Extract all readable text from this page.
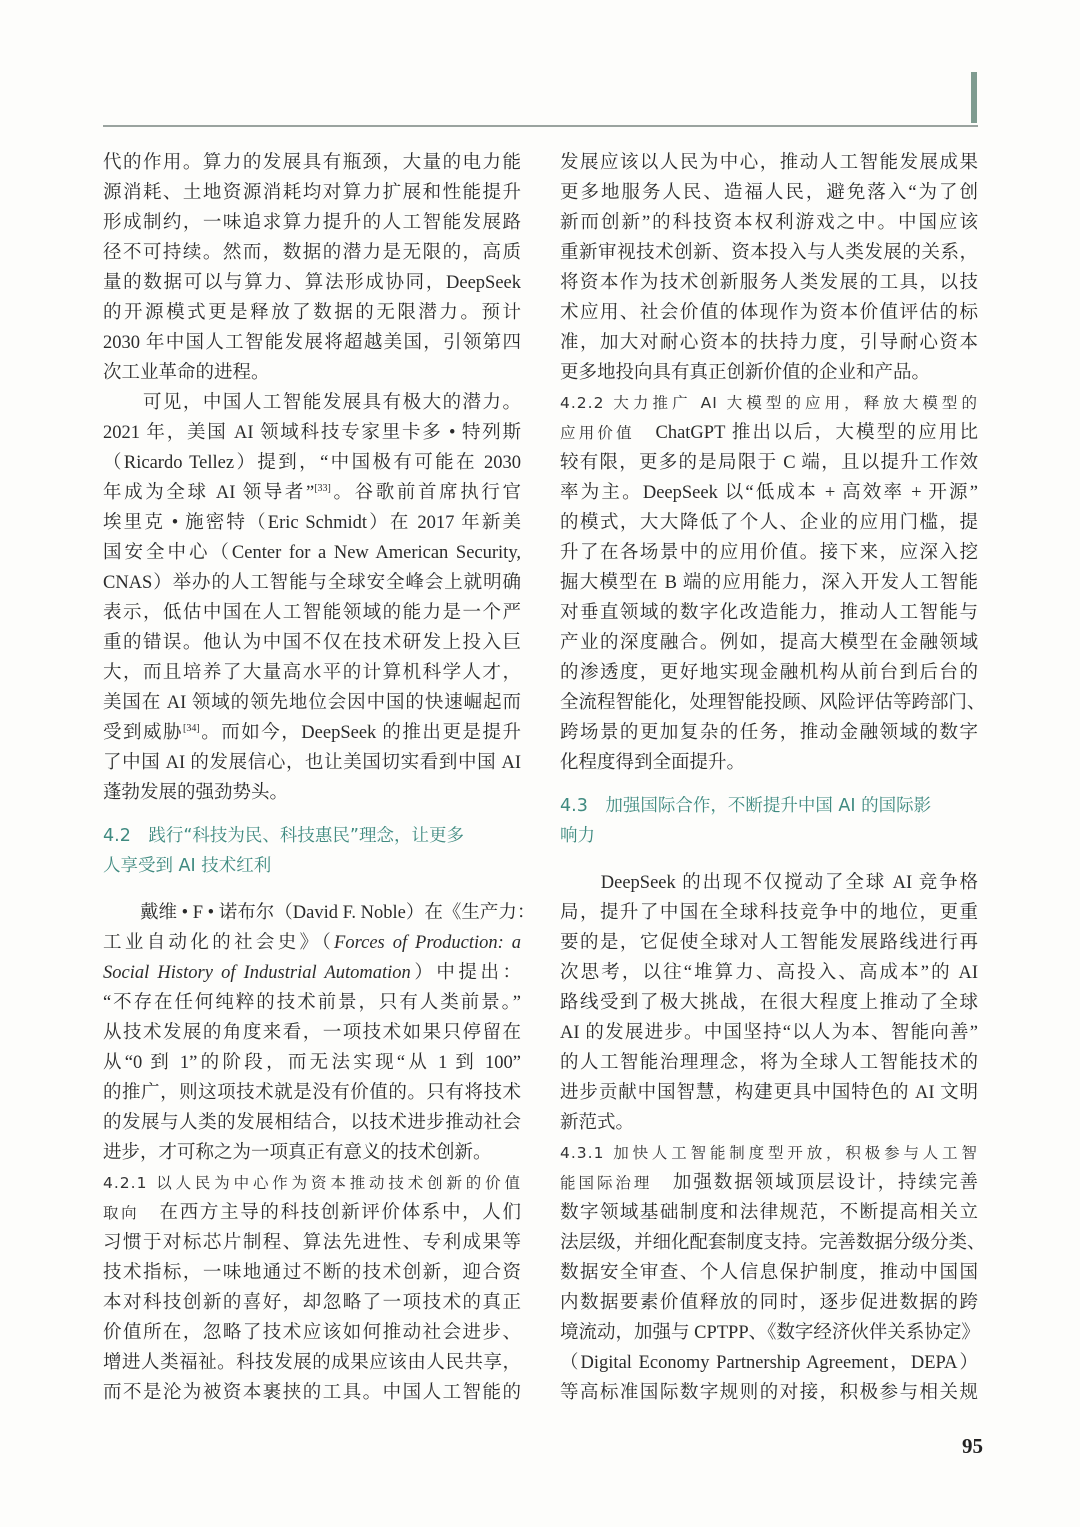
代的作用。算力的发展具有瓶颈，大量的电力能
源消耗、土地资源消耗均对算力扩展和性能提升
形成制约，一味追求算力提升的人工智能发展路
径不可持续。然而，数据的潜力是无限的，高质
量的数据可以与算力、算法形成协同，DeepSeek
的开源模式更是释放了数据的无限潜力。预计
2030 年中国人工智能发展将超越美国，引领第四
次工业革命的进程。
　　可见，中国人工智能发展具有极大的潜力。
2021 年，美国 AI 领域科技专家里卡多 • 特列斯
（Ricardo Tellez）提到，“中国极有可能在 2030
年成为全球 AI 领导者”[33]。谷歌前首席执行官
埃里克 • 施密特（Eric Schmidt）在 2017 年新美
国安全中心（Center for a New American Security,
CNAS）举办的人工智能与全球安全峰会上就明确
表示，低估中国在人工智能领域的能力是一个严
重的错误。他认为中国不仅在技术研发上投入巨
大，而且培养了大量高水平的计算机科学人才，
美国在 AI 领域的领先地位会因中国的快速崛起而
受到威胁[34]。而如今，DeepSeek 的推出更是提升
了中国 AI 的发展信心，也让美国切实看到中国 AI
蓬勃发展的强劲势头。
4.2　践行“科技为民、科技惠民”理念，让更多
人享受到 AI 技术红利
　　戴维 • F • 诺布尔（David F. Noble）在《生产力：
工业自动化的社会史》（Forces of Production: a
Social History of Industrial Automation）中提出：
“不存在任何纯粹的技术前景，只有人类前景。”
从技术发展的角度来看，一项技术如果只停留在
从“0 到 1”的阶段，而无法实现“从 1 到 100”
的推广，则这项技术就是没有价值的。只有将技术
的发展与人类的发展相结合，以技术进步推动社会
进步，才可称之为一项真正有意义的技术创新。
4.2.1 以人民为中心作为资本推动技术创新的价值
取向　在西方主导的科技创新评价体系中，人们
习惯于对标芯片制程、算法先进性、专利成果等
技术指标，一味地通过不断的技术创新，迎合资
本对科技创新的喜好，却忽略了一项技术的真正
价值所在，忽略了技术应该如何推动社会进步、
增进人类福祉。科技发展的成果应该由人民共享，
而不是沦为被资本裹挟的工具。中国人工智能的
发展应该以人民为中心，推动人工智能发展成果
更多地服务人民、造福人民，避免落入“为了创
新而创新”的科技资本权利游戏之中。中国应该
重新审视技术创新、资本投入与人类发展的关系，
将资本作为技术创新服务人类发展的工具，以技
术应用、社会价值的体现作为资本价值评估的标
准，加大对耐心资本的扶持力度，引导耐心资本
更多地投向具有真正创新价值的企业和产品。
4.2.2 大力推广 AI 大模型的应用，释放大模型的
应用价值　ChatGPT 推出以后，大模型的应用比
较有限，更多的是局限于 C 端，且以提升工作效
率为主。DeepSeek 以“低成本 + 高效率 + 开源”
的模式，大大降低了个人、企业的应用门槛，提
升了在各场景中的应用价值。接下来，应深入挖
掘大模型在 B 端的应用能力，深入开发人工智能
对垂直领域的数字化改造能力，推动人工智能与
产业的深度融合。例如，提高大模型在金融领域
的渗透度，更好地实现金融机构从前台到后台的
全流程智能化，处理智能投顾、风险评估等跨部门、
跨场景的更加复杂的任务，推动金融领域的数字
化程度得到全面提升。
4.3　加强国际合作，不断提升中国 AI 的国际影
响力
　　DeepSeek 的出现不仅搅动了全球 AI 竞争格
局，提升了中国在全球科技竞争中的地位，更重
要的是，它促使全球对人工智能发展路线进行再
次思考，以往“堆算力、高投入、高成本”的 AI
路线受到了极大挑战，在很大程度上推动了全球
AI 的发展进步。中国坚持“以人为本、智能向善”
的人工智能治理理念，将为全球人工智能技术的
进步贡献中国智慧，构建更具中国特色的 AI 文明
新范式。
4.3.1 加快人工智能制度型开放，积极参与人工智
能国际治理　加强数据领域顶层设计，持续完善
数字领域基础制度和法律规范，不断提高相关立
法层级，并细化配套制度支持。完善数据分级分类、
数据安全审查、个人信息保护制度，推动中国国
内数据要素价值释放的同时，逐步促进数据的跨
境流动，加强与 CPTPP、《数字经济伙伴关系协定》
（Digital Economy Partnership Agreement，DEPA）
等高标准国际数字规则的对接，积极参与相关规
95
